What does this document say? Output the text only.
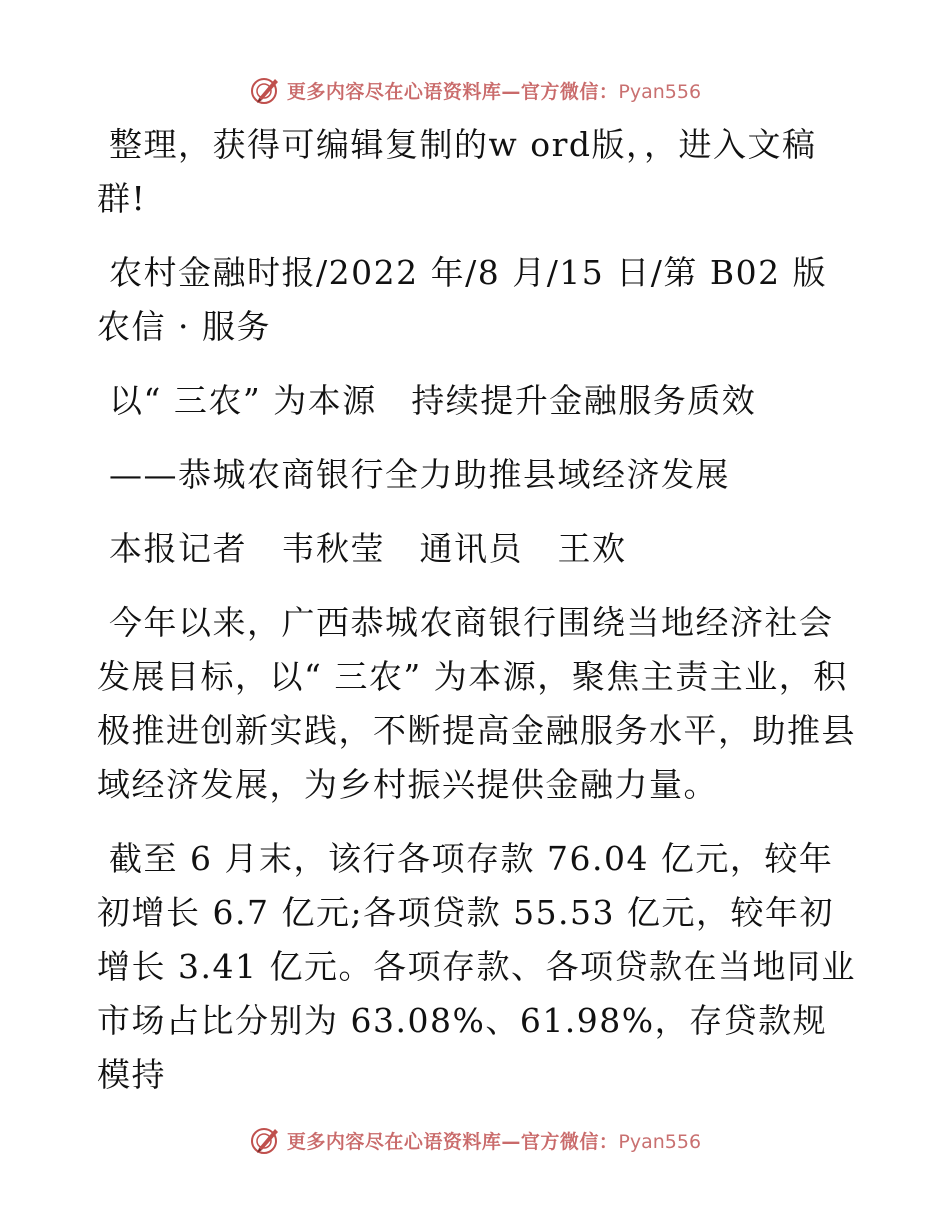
更多内容尽在心语资料库—官方微信：Pyan556

整理，获得可编辑复制的w ord版，，进入文稿群!

农村金融时报/2022 年/8 月/15 日/第 B02 版农信 · 服务

以“ 三农” 为本源　持续提升金融服务质效

——恭城农商银行全力助推县域经济发展

本报记者　韦秋莹　通讯员　王欢

今年以来，广西恭城农商银行围绕当地经济社会发展目标，以“ 三农” 为本源，聚焦主责主业，积极推进创新实践，不断提高金融服务水平，助推县域经济发展，为乡村振兴提供金融力量。

截至 6 月末，该行各项存款 76.04 亿元，较年初增长 6.7 亿元;各项贷款 55.53 亿元，较年初增长 3.41 亿元。各项存款、各项贷款在当地同业市场占比分别为 63.08%、61.98%，存贷款规模持

更多内容尽在心语资料库—官方微信：Pyan556
